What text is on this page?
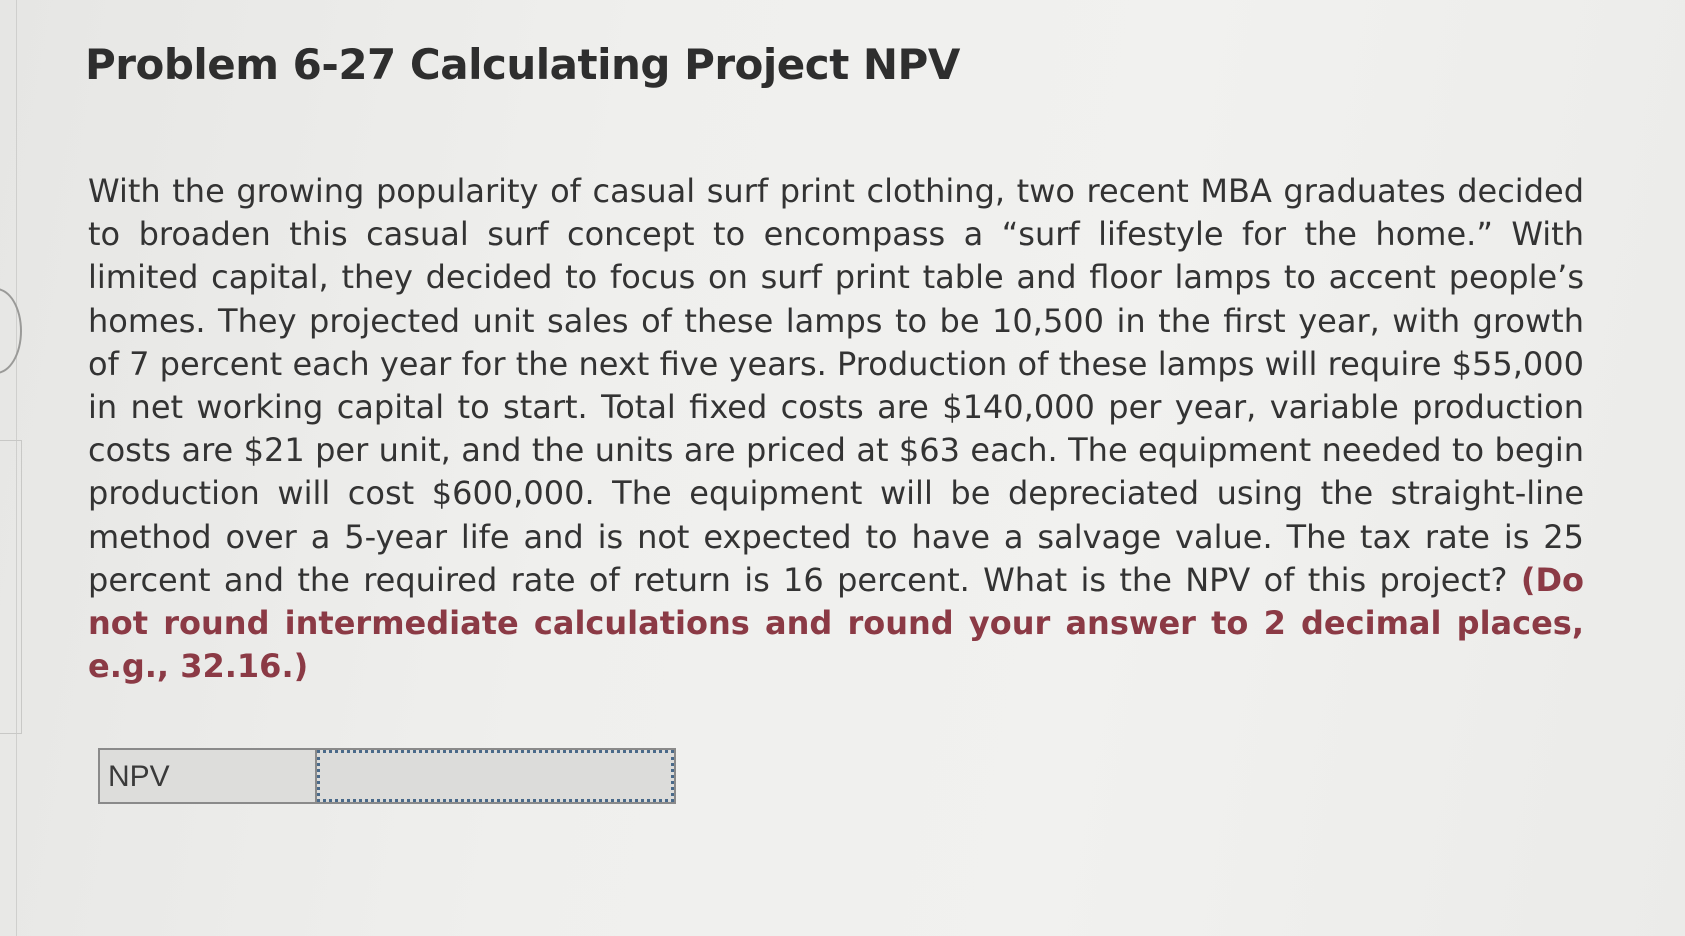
Problem 6-27 Calculating Project NPV

With the growing popularity of casual surf print clothing, two recent MBA graduates decided to broaden this casual surf concept to encompass a “surf lifestyle for the home.” With limited capital, they decided to focus on surf print table and floor lamps to accent people’s homes. They projected unit sales of these lamps to be 10,500 in the first year, with growth of 7 percent each year for the next five years. Production of these lamps will require $55,000 in net working capital to start. Total fixed costs are $140,000 per year, variable production costs are $21 per unit, and the units are priced at $63 each. The equipment needed to begin production will cost $600,000. The equipment will be depreciated using the straight-line method over a 5-year life and is not expected to have a salvage value. The tax rate is 25 percent and the required rate of return is 16 percent. What is the NPV of this project? (Do not round intermediate calculations and round your answer to 2 decimal places, e.g., 32.16.)

NPV
